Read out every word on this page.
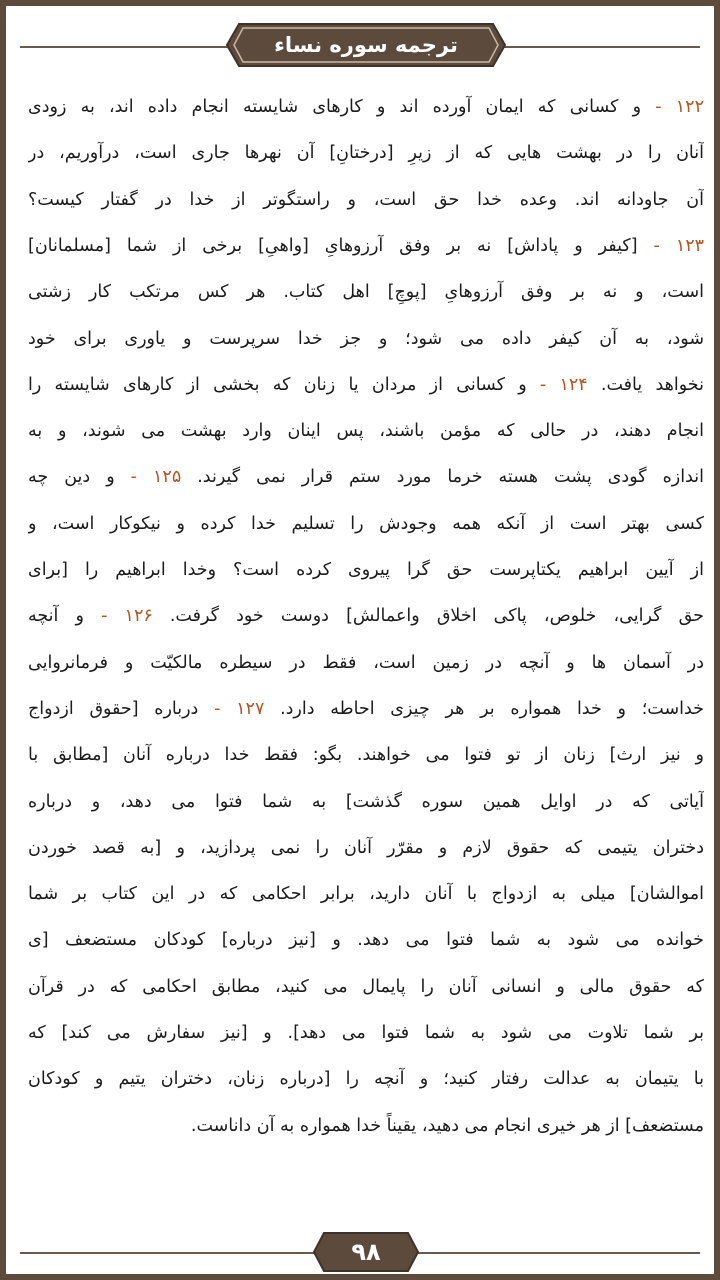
ترجمه سوره نساء
۱۲۲ - و کسانی که ایمان آورده اند و کارهای شایسته انجام داده اند، به زودی
آنان را در بهشت هایی که از زیرِ [درختانِ] آن نهرها جاری است، درآوریم، در
آن جاودانه اند. وعده خدا حق است، و راستگوتر از خدا در گفتار کیست؟
۱۲۳ - [کیفر و پاداش] نه بر وفق آرزوهایِ [واهیِ] برخی از شما [مسلمانان]
است، و نه بر وفق آرزوهایِ [پوچِ] اهل کتاب. هر کس مرتکب کار زشتی
شود، به آن کیفر داده می شود؛ و جز خدا سرپرست و یاوری برای خود
نخواهد یافت. ۱۲۴ - و کسانی از مردان یا زنان که بخشی از کارهای شایسته را
انجام دهند، در حالی که مؤمن باشند، پس اینان وارد بهشت می شوند، و به
اندازه گودی پشت هسته خرما مورد ستم قرار نمی گیرند. ۱۲۵ - و دین چه
کسی بهتر است از آنکه همه وجودش را تسلیم خدا کرده و نیکوکار است، و
از آیین ابراهیم یکتاپرست حق گرا پیروی کرده است؟ وخدا ابراهیم را [برای
حق گرایی، خلوص، پاکی اخلاق واعمالش] دوست خود گرفت. ۱۲۶ - و آنچه
در آسمان ها و آنچه در زمین است، فقط در سیطره مالکیّت و فرمانروایی
خداست؛ و خدا همواره بر هر چیزی احاطه دارد. ۱۲۷ - درباره [حقوق ازدواج
و نیز ارث] زنان از تو فتوا می خواهند. بگو: فقط خدا درباره آنان [مطابق با
آیاتی که در اوایل همین سوره گذشت] به شما فتوا می دهد، و درباره
دختران یتیمی که حقوق لازم و مقرّر آنان را نمی پردازید، و [به قصد خوردن
اموالشان] میلی به ازدواج با آنان دارید، برابر احکامی که در این کتاب بر شما
خوانده می شود به شما فتوا می دهد. و [نیز درباره] کودکان مستضعف [ی
که حقوق مالی و انسانی آنان را پایمال می کنید، مطابق احکامی که در قرآن
بر شما تلاوت می شود به شما فتوا می دهد]. و [نیز سفارش می کند] که
با یتیمان به عدالت رفتار کنید؛ و آنچه را [درباره زنان، دختران یتیم و کودکان
مستضعف] از هر خیری انجام می دهید، یقیناً خدا همواره به آن داناست.
۹۸
